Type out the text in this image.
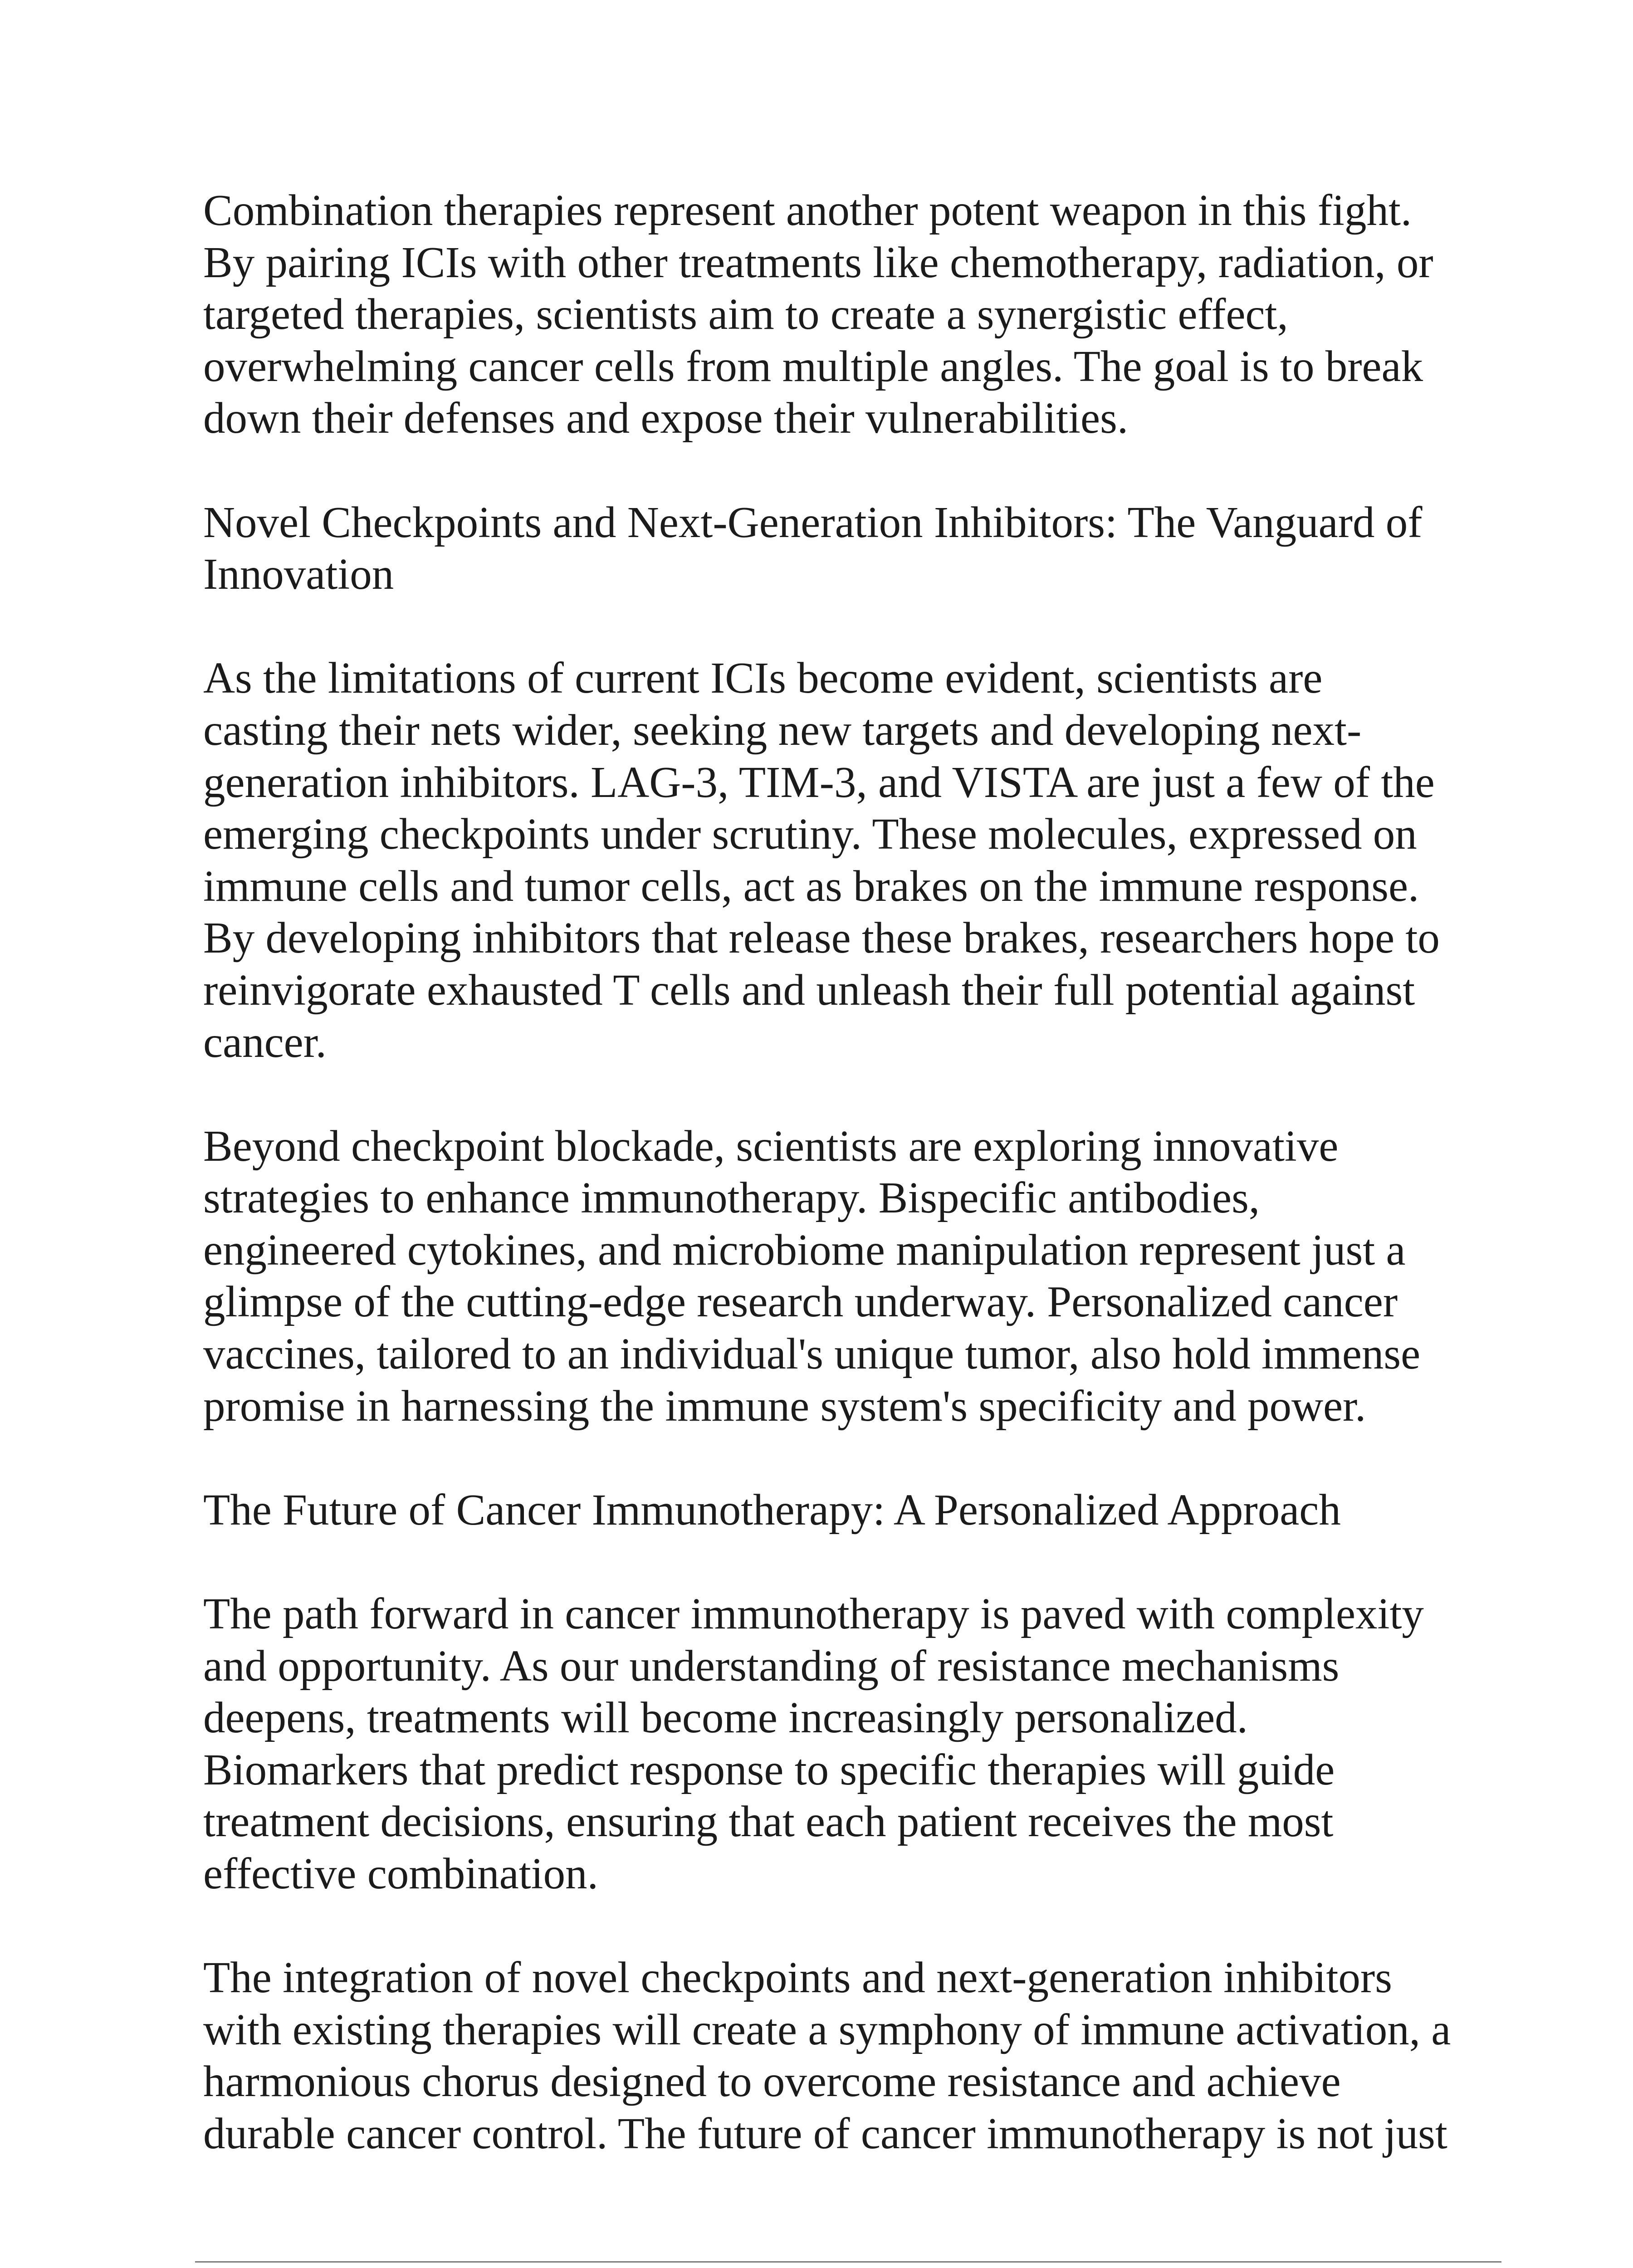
Combination therapies represent another potent weapon in this fight.
By pairing ICIs with other treatments like chemotherapy, radiation, or
targeted therapies, scientists aim to create a synergistic effect,
overwhelming cancer cells from multiple angles. The goal is to break
down their defenses and expose their vulnerabilities.

Novel Checkpoints and Next-Generation Inhibitors: The Vanguard of
Innovation

As the limitations of current ICIs become evident, scientists are
casting their nets wider, seeking new targets and developing next-
generation inhibitors. LAG-3, TIM-3, and VISTA are just a few of the
emerging checkpoints under scrutiny. These molecules, expressed on
immune cells and tumor cells, act as brakes on the immune response.
By developing inhibitors that release these brakes, researchers hope to
reinvigorate exhausted T cells and unleash their full potential against
cancer.

Beyond checkpoint blockade, scientists are exploring innovative
strategies to enhance immunotherapy. Bispecific antibodies,
engineered cytokines, and microbiome manipulation represent just a
glimpse of the cutting-edge research underway. Personalized cancer
vaccines, tailored to an individual's unique tumor, also hold immense
promise in harnessing the immune system's specificity and power.

The Future of Cancer Immunotherapy: A Personalized Approach

The path forward in cancer immunotherapy is paved with complexity
and opportunity. As our understanding of resistance mechanisms
deepens, treatments will become increasingly personalized.
Biomarkers that predict response to specific therapies will guide
treatment decisions, ensuring that each patient receives the most
effective combination.

The integration of novel checkpoints and next-generation inhibitors
with existing therapies will create a symphony of immune activation, a
harmonious chorus designed to overcome resistance and achieve
durable cancer control. The future of cancer immunotherapy is not just
